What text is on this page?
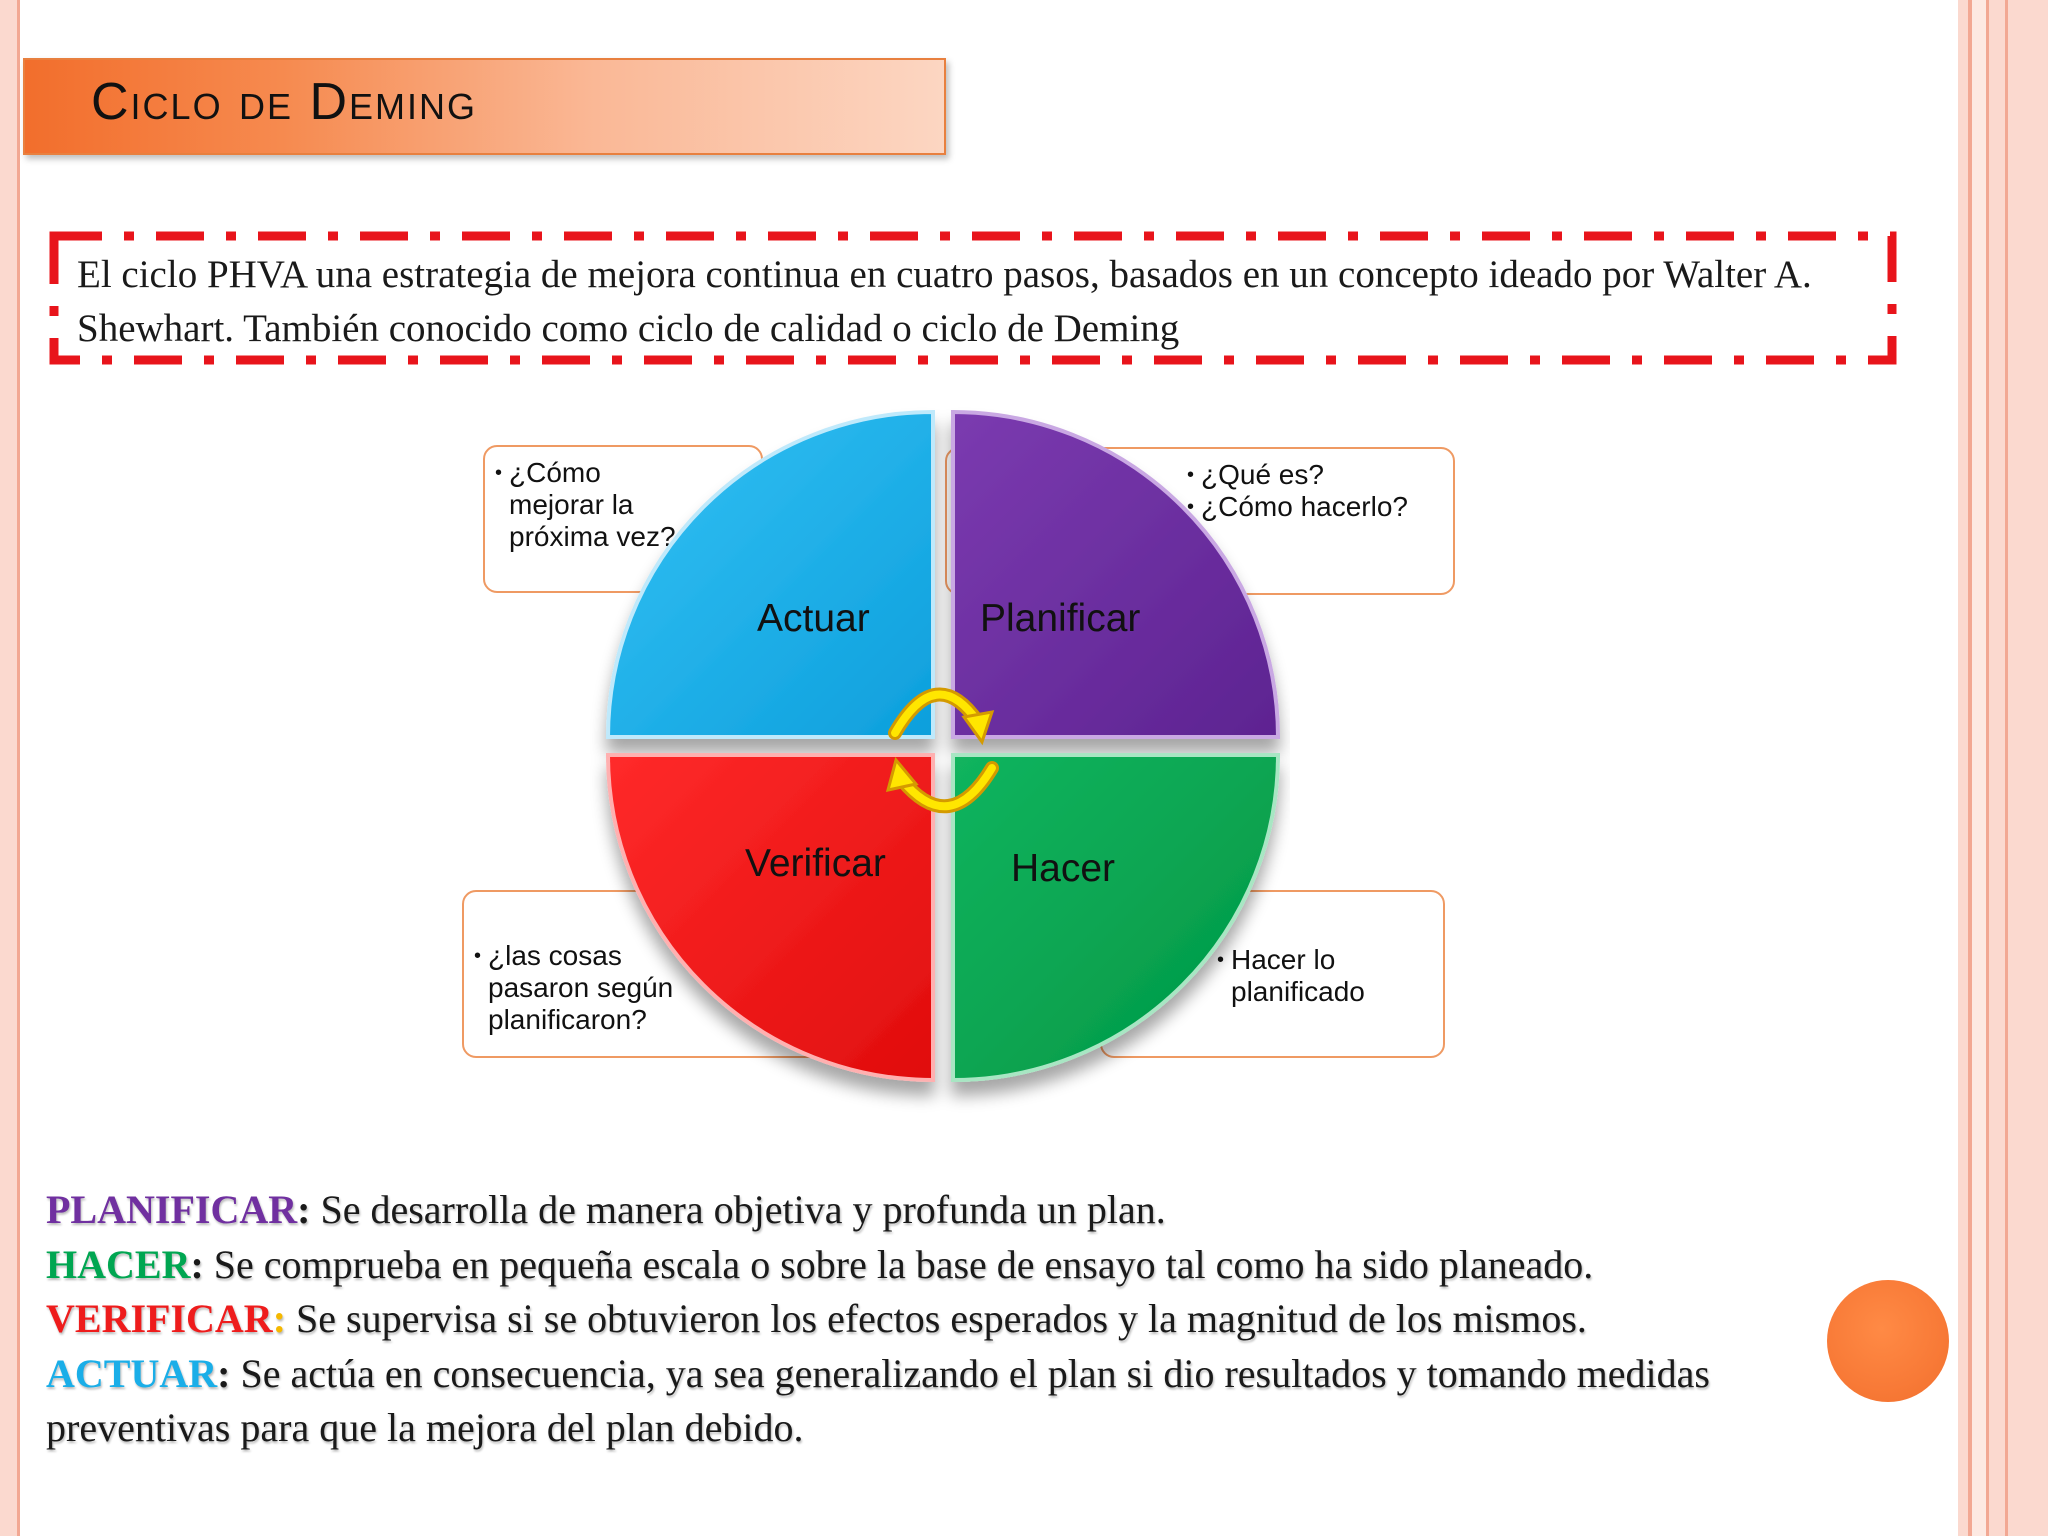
Ciclo de Deming
El ciclo PHVA una estrategia de mejora continua en cuatro pasos, basados en un concepto ideado por Walter A. Shewhart. También conocido como ciclo de calidad o ciclo de Deming
• ¿Cómo mejorar la próxima vez?
• ¿Qué es?
• ¿Cómo hacerlo?
• ¿las cosas pasaron según planificaron?
• Hacer lo planificado
Actuar	Planificar
Verificar	Hacer

PLANIFICAR: Se desarrolla de manera objetiva y profunda un plan.

HACER: Se comprueba en pequeña escala o sobre la base de ensayo tal como ha sido planeado.

VERIFICAR: Se supervisa si se obtuvieron los efectos esperados y la magnitud de los mismos.

ACTUAR: Se actúa en consecuencia, ya sea generalizando el plan si dio resultados y tomando medidas preventivas para que la mejora del plan debido.
